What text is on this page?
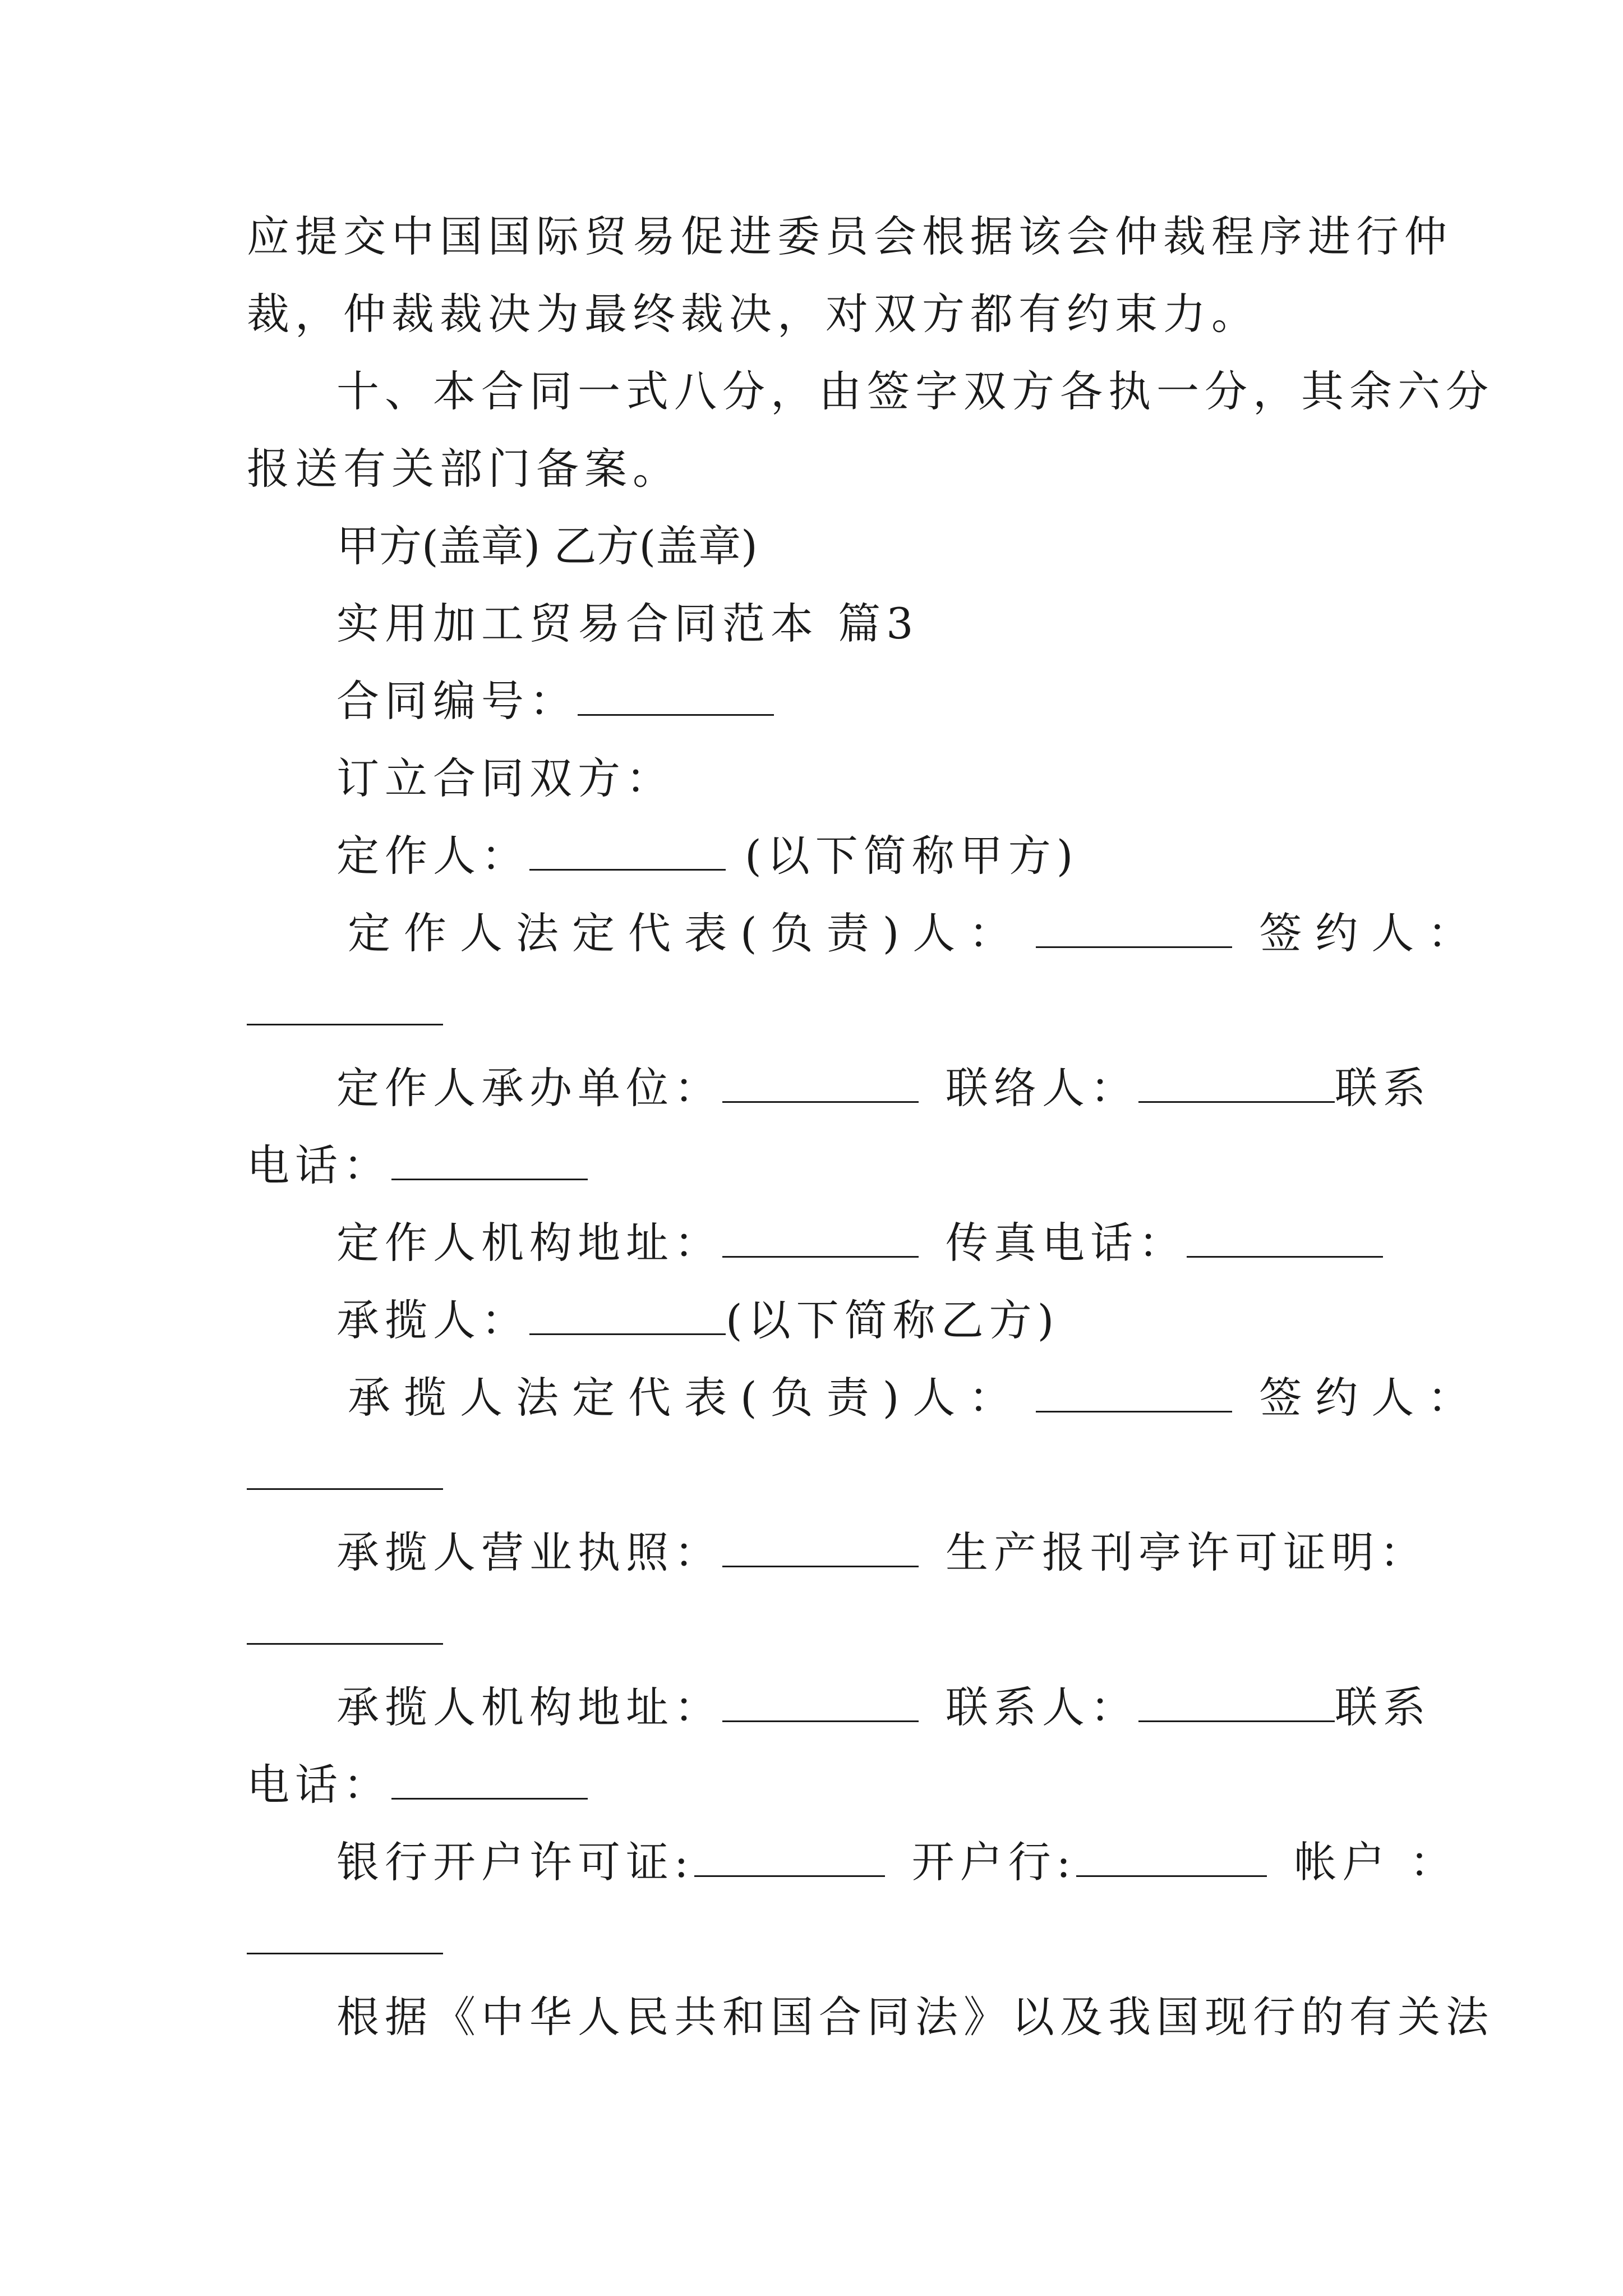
应提交中国国际贸易促进委员会根据该会仲裁程序进行仲
裁，仲裁裁决为最终裁决，对双方都有约束力。
十、本合同一式八分，由签字双方各执一分，其余六分
报送有关部门备案。
甲方(盖章) 乙方(盖章)
实用加工贸易合同范本 篇3
合同编号：
订立合同双方：
定作人：	(以下简称甲方)
定作人法定代表(负责)人：	签约人：
定作人承办单位：	联络人：	联系
电话：
定作人机构地址：	传真电话：
承揽人：	(以下简称乙方)
承揽人法定代表(负责)人：	签约人：
承揽人营业执照：	生产报刊亭许可证明：
承揽人机构地址：	联系人：	联系
电话：
银行开户许可证:	开户行:	帐户 ：
根据《中华人民共和国合同法》以及我国现行的有关法
